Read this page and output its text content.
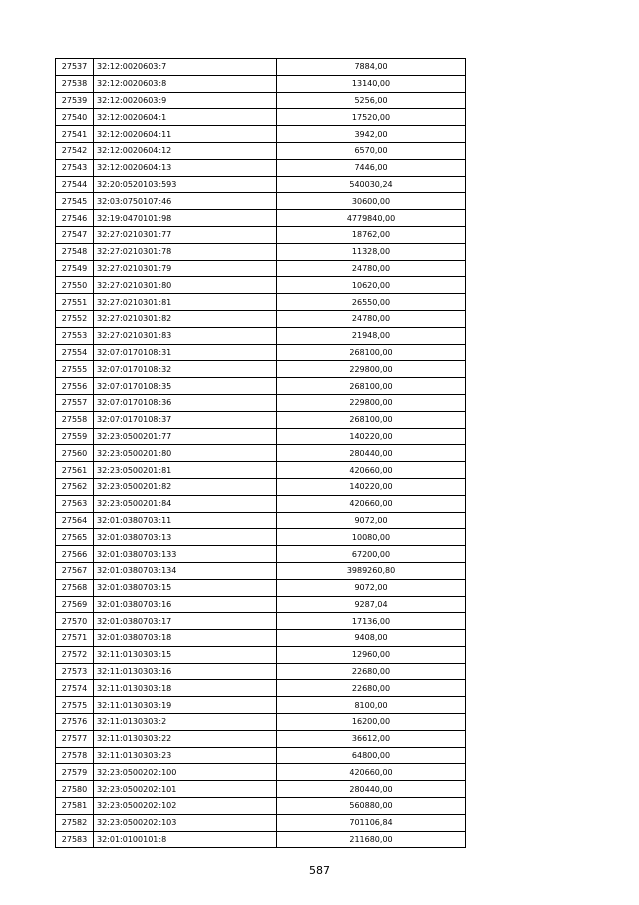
27537	32:12:0020603:7	7884,00
27538	32:12:0020603:8	13140,00
27539	32:12:0020603:9	5256,00
27540	32:12:0020604:1	17520,00
27541	32:12:0020604:11	3942,00
27542	32:12:0020604:12	6570,00
27543	32:12:0020604:13	7446,00
27544	32:20:0520103:593	540030,24
27545	32:03:0750107:46	30600,00
27546	32:19:0470101:98	4779840,00
27547	32:27:0210301:77	18762,00
27548	32:27:0210301:78	11328,00
27549	32:27:0210301:79	24780,00
27550	32:27:0210301:80	10620,00
27551	32:27:0210301:81	26550,00
27552	32:27:0210301:82	24780,00
27553	32:27:0210301:83	21948,00
27554	32:07:0170108:31	268100,00
27555	32:07:0170108:32	229800,00
27556	32:07:0170108:35	268100,00
27557	32:07:0170108:36	229800,00
27558	32:07:0170108:37	268100,00
27559	32:23:0500201:77	140220,00
27560	32:23:0500201:80	280440,00
27561	32:23:0500201:81	420660,00
27562	32:23:0500201:82	140220,00
27563	32:23:0500201:84	420660,00
27564	32:01:0380703:11	9072,00
27565	32:01:0380703:13	10080,00
27566	32:01:0380703:133	67200,00
27567	32:01:0380703:134	3989260,80
27568	32:01:0380703:15	9072,00
27569	32:01:0380703:16	9287,04
27570	32:01:0380703:17	17136,00
27571	32:01:0380703:18	9408,00
27572	32:11:0130303:15	12960,00
27573	32:11:0130303:16	22680,00
27574	32:11:0130303:18	22680,00
27575	32:11:0130303:19	8100,00
27576	32:11:0130303:2	16200,00
27577	32:11:0130303:22	36612,00
27578	32:11:0130303:23	64800,00
27579	32:23:0500202:100	420660,00
27580	32:23:0500202:101	280440,00
27581	32:23:0500202:102	560880,00
27582	32:23:0500202:103	701106,84
27583	32:01:0100101:8	211680,00
587
